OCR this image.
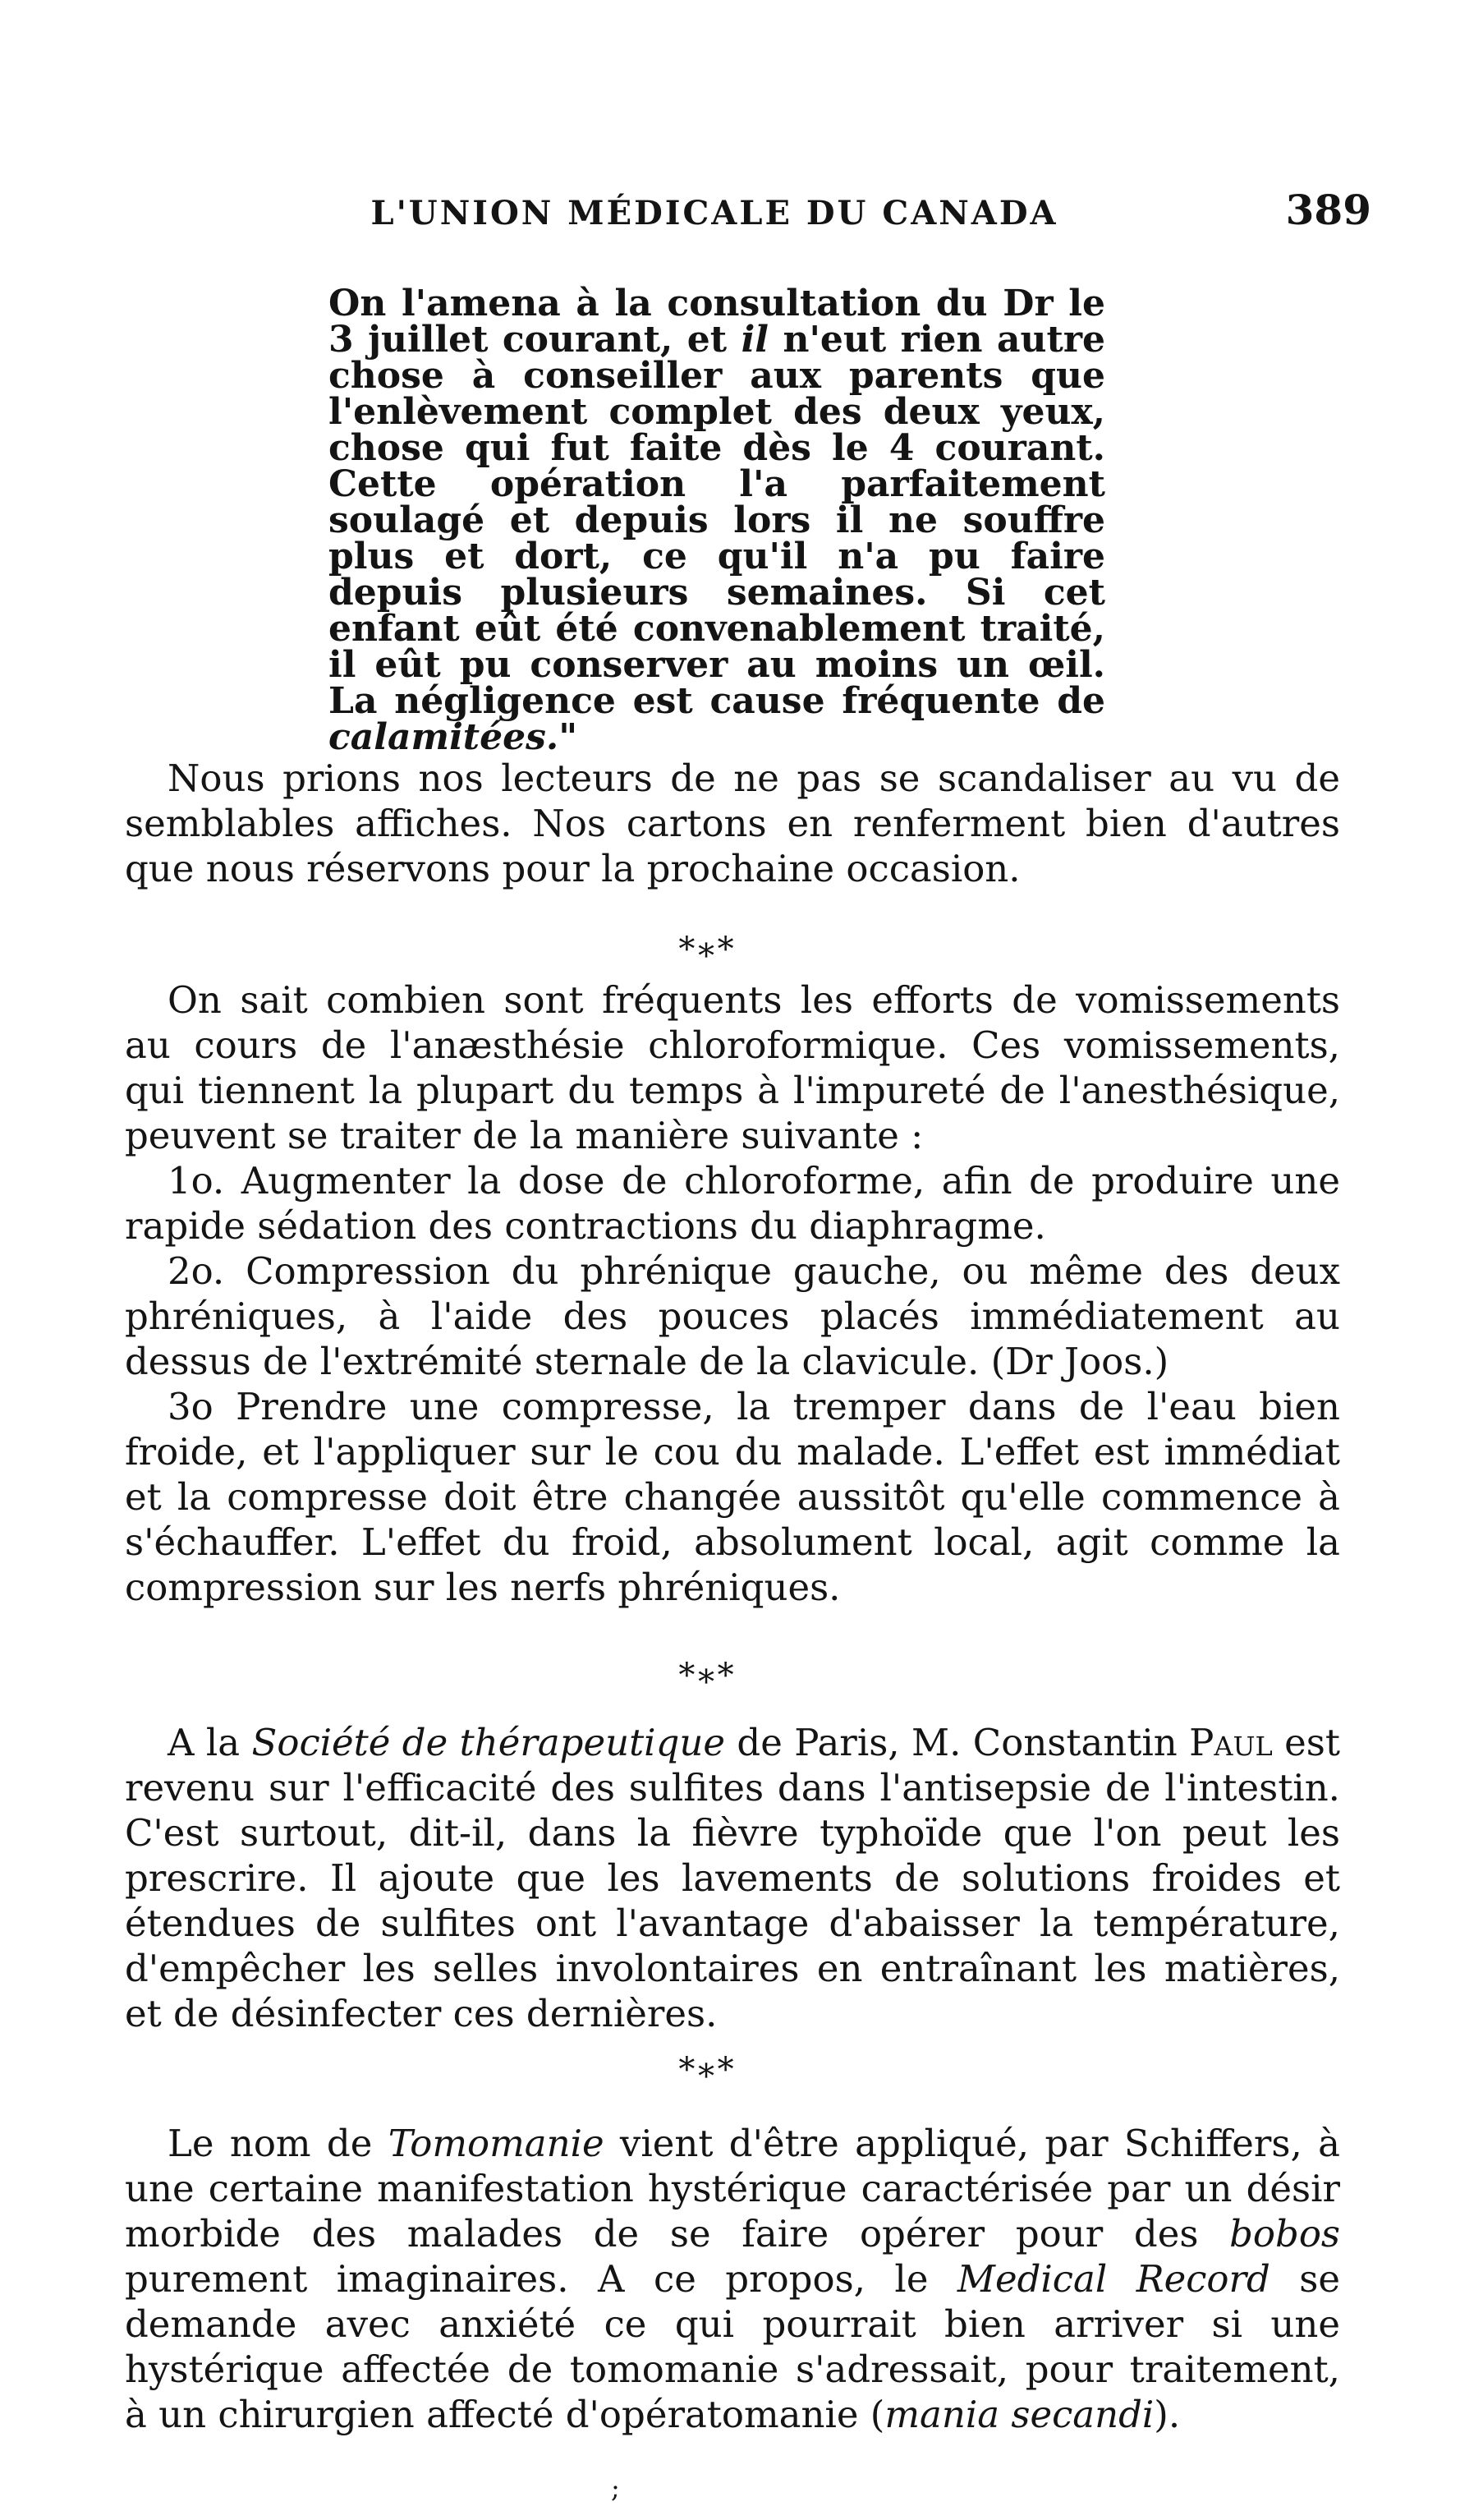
L'UNION MÉDICALE DU CANADA	389
On l'amena à la consultation du Dr le 3 juillet courant, et il n'eut rien autre chose à conseiller aux parents que l'enlèvement complet des deux yeux, chose qui fut faite dès le 4 courant. Cette opération l'a parfaitement soulagé et depuis lors il ne souffre plus et dort, ce qu'il n'a pu faire depuis plusieurs semaines. Si cet enfant eût été convenablement traité, il eût pu conserver au moins un œil. La négligence est cause fréquente de calamitées."

Nous prions nos lecteurs de ne pas se scandaliser au vu de semblables affiches. Nos cartons en renferment bien d'autres que nous réservons pour la prochaine occasion.

*∗*

On sait combien sont fréquents les efforts de vomissements au cours de l'anæsthésie chloroformique. Ces vomissements, qui tiennent la plupart du temps à l'impureté de l'anesthésique, peuvent se traiter de la manière suivante :

1o. Augmenter la dose de chloroforme, afin de produire une rapide sédation des contractions du diaphragme.

2o. Compression du phrénique gauche, ou même des deux phréniques, à l'aide des pouces placés immédiatement au dessus de l'extrémité sternale de la clavicule. (Dr Joos.)

3o Prendre une compresse, la tremper dans de l'eau bien froide, et l'appliquer sur le cou du malade. L'effet est immédiat et la compresse doit être changée aussitôt qu'elle commence à s'échauffer. L'effet du froid, absolument local, agit comme la compression sur les nerfs phréniques.

*∗*

A la Société de thérapeutique de Paris, M. Constantin Paul est revenu sur l'efficacité des sulfites dans l'antisepsie de l'intestin. C'est surtout, dit-il, dans la fièvre typhoïde que l'on peut les prescrire. Il ajoute que les lavements de solutions froides et étendues de sulfites ont l'avantage d'abaisser la température, d'empêcher les selles involontaires en entraînant les matières, et de désinfecter ces dernières.

*∗*

Le nom de Tomomanie vient d'être appliqué, par Schiffers, à une certaine manifestation hystérique caractérisée par un désir morbide des malades de se faire opérer pour des bobos purement imaginaires. A ce propos, le Medical Record se demande avec anxiété ce qui pourrait bien arriver si une hystérique affectée de tomomanie s'adressait, pour traitement, à un chirurgien affecté d'opératomanie (mania secandi).

;
